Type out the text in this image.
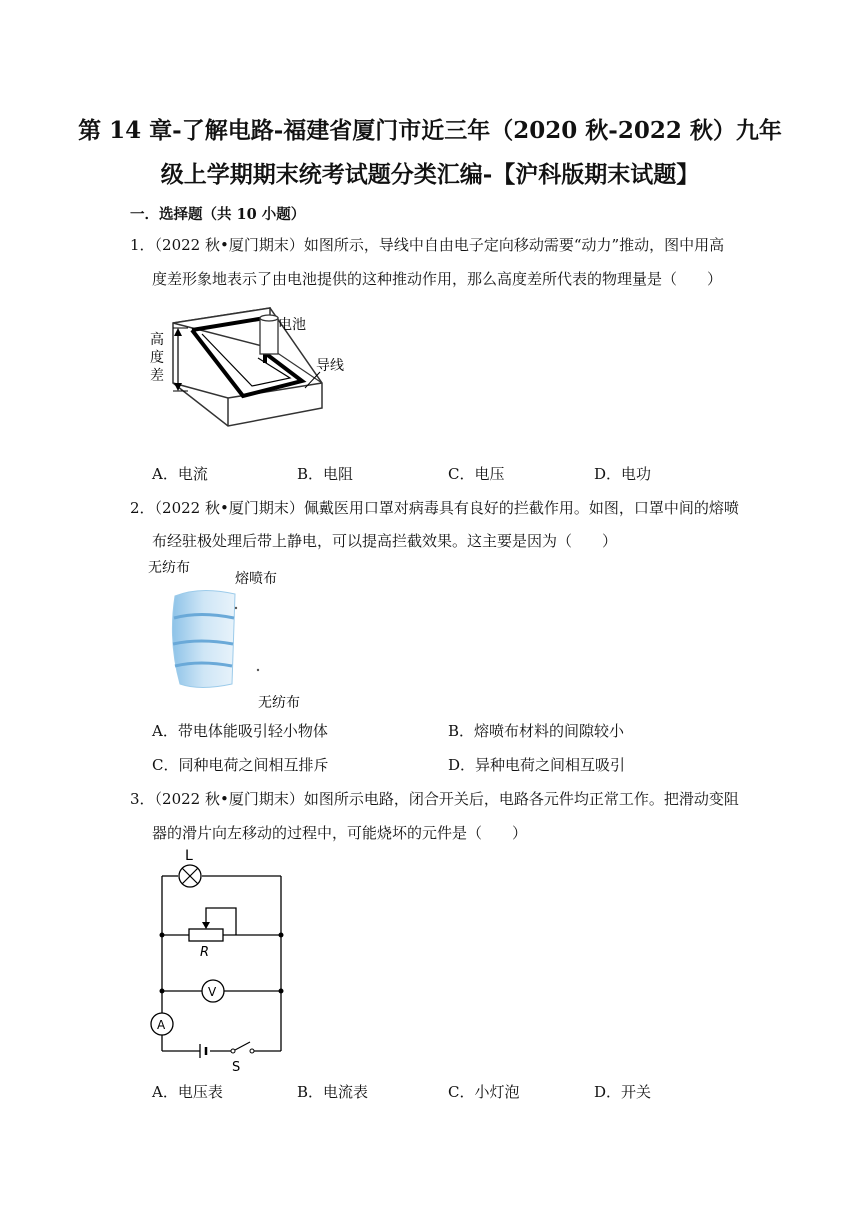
第 14 章-了解电路-福建省厦门市近三年（2020 秋-2022 秋）九年
级上学期期末统考试题分类汇编-【沪科版期末试题】
一．选择题（共 10 小题）
1．（2022 秋•厦门期末）如图所示，导线中自由电子定向移动需要“动力”推动，图中用高
度差形象地表示了由电池提供的这种推动作用，那么高度差所代表的物理量是（　　）
高
度
差
电池
导线
A．电流	B．电阻	C．电压	D．电功
2．（2022 秋•厦门期末）佩戴医用口罩对病毒具有良好的拦截作用。如图，口罩中间的熔喷
布经驻极处理后带上静电，可以提高拦截效果。这主要是因为（　　）
无纺布
熔喷布
无纺布
A．带电体能吸引轻小物体	B．熔喷布材料的间隙较小
C．同种电荷之间相互排斥	D．异种电荷之间相互吸引
3．（2022 秋•厦门期末）如图所示电路，闭合开关后，电路各元件均正常工作。把滑动变阻
器的滑片向左移动的过程中，可能烧坏的元件是（　　）
L
R
V
A
S
A．电压表	B．电流表	C．小灯泡	D．开关
